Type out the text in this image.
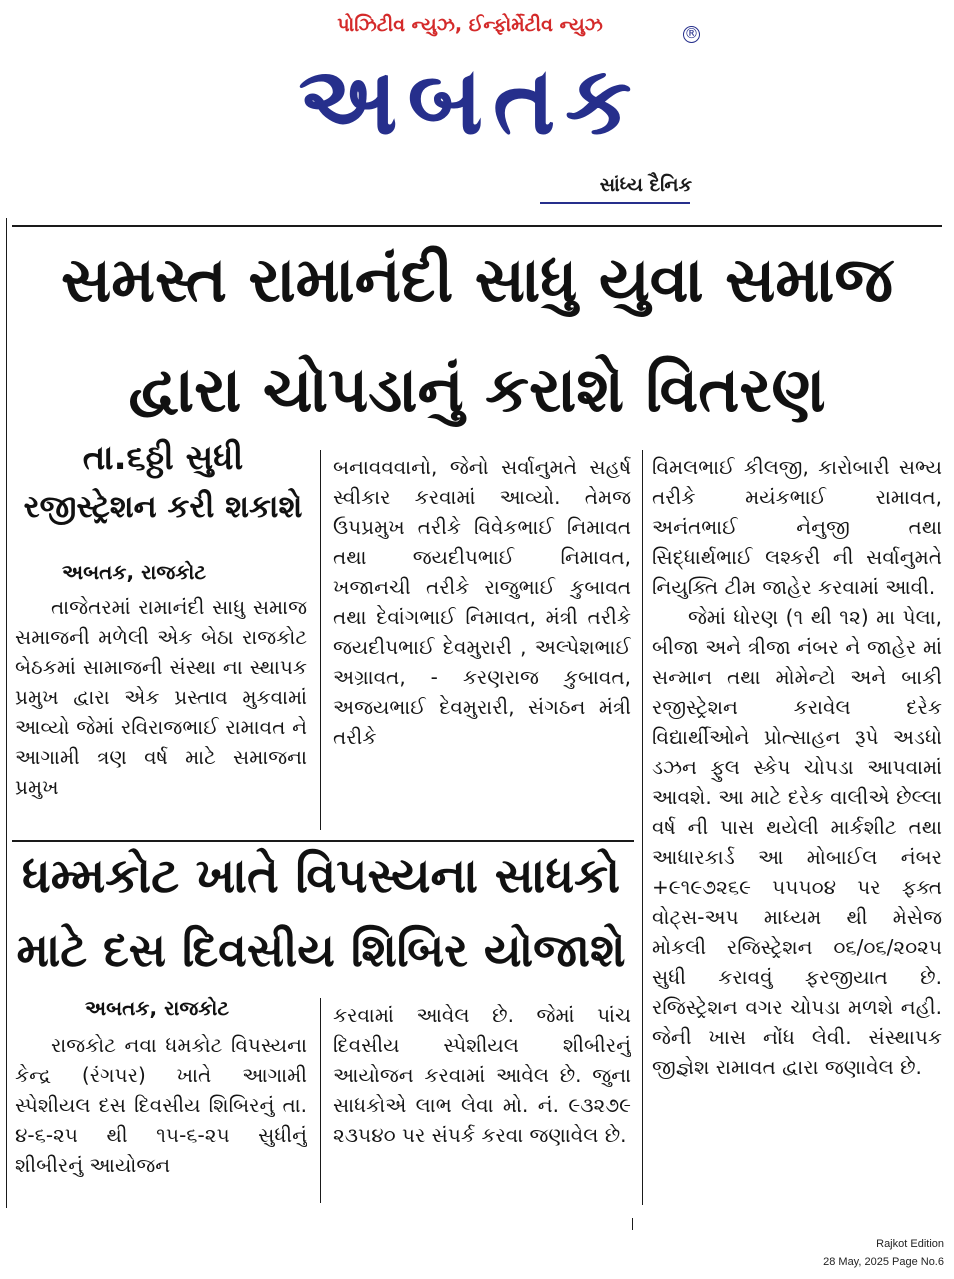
પોઝિટીવ ન્યુઝ, ઈન્ફોર્મેટીવ ન્યુઝ
અબતક
®
સાંધ્ય દૈનિક
સમસ્ત રામાનંદી સાધુ યુવા સમાજ
દ્વારા ચોપડાનું કરાશે વિતરણ
તા.૬ઠ્ઠી સુધી
રજીસ્ટ્રેશન કરી શકાશે
અબતક, રાજકોટ
તાજેતરમાં રામાનંદી સાધુ સમાજ સમાજની મળેલી એક બેઠા રાજકોટ બેઠકમાં સામાજની સંસ્થા ના સ્થાપક પ્રમુખ દ્વારા એક પ્રસ્તાવ મુકવામાં આવ્યો જેમાં રવિરાજભાઈ રામાવત ને આગામી ત્રણ વર્ષ માટે સમાજના પ્રમુખ
બનાવવવાનો, જેનો સર્વાનુમતે સહર્ષ સ્વીકાર કરવામાં આવ્યો. તેમજ ઉપપ્રમુખ તરીકે વિવેકભાઈ નિમાવત તથા જયદીપભાઈ નિમાવત, ખજાનચી તરીકે રાજુભાઈ કુબાવત તથા દેવાંગભાઈ નિમાવત, મંત્રી તરીકે જયદીપભાઈ દેવમુરારી , અલ્પેશભાઈ અગ્રાવત, - કરણરાજ કુબાવત, અજયભાઈ દેવમુરારી, સંગઠન મંત્રી તરીકે

વિમલભાઈ કીલજી, કારોબારી સભ્ય તરીકે મયંકભાઈ રામાવત, અનંતભાઈ નેનુજી તથા સિદ્ધાર્થભાઈ લશ્કરી ની સર્વાનુમતે નિયુક્તિ ટીમ જાહેર કરવામાં આવી.

જેમાં ધોરણ (૧ થી ૧૨) મા પેલા, બીજા અને ત્રીજા નંબર ને જાહેર માં સન્માન તથા મોમેન્ટો અને બાકી રજીસ્ટ્રેશન કરાવેલ દરેક વિદ્યાર્થીઓને પ્રોત્સાહન રૂપે અડધો ડઝન ફુલ સ્કેપ ચોપડા આપવામાં આવશે. આ માટે દરેક વાલીએ છેલ્લા વર્ષ ની પાસ થયેલી માર્કશીટ તથા આધારકાર્ડ આ મોબાઈલ નંબર +૯૧૯૭૨૬૯ ૫૫૫૦૪ પર ફક્ત વોટ્સ-અપ માધ્યમ થી મેસેજ મોકલી રજિસ્ટ્રેશન ૦૬/૦૬/૨૦૨૫ સુધી કરાવવું ફરજીયાત છે. રજિસ્ટ્રેશન વગર ચોપડા મળશે નહી. જેની ખાસ નોંધ લેવી. સંસ્થાપક જીજ્ઞેશ રામાવત દ્વારા જણાવેલ છે.

ધમ્મકોટ ખાતે વિપસ્યના સાધકો
માટે દસ દિવસીય શિબિર યોજાશે
અબતક, રાજકોટ
રાજકોટ નવા ધમકોટ વિપસ્યના કેન્દ્ર (રંગપર) ખાતે આગામી સ્પેશીયલ દસ દિવસીય શિબિરનું તા. ૪-૬-૨૫ થી ૧૫-૬-૨૫ સુધીનું શીબીરનું આયોજન
કરવામાં આવેલ છે. જેમાં પાંચ દિવસીય સ્પેશીયલ શીબીરનું આયોજન કરવામાં આવેલ છે. જુના સાધકોએ લાભ લેવા મો. નં. ૯૩૨૭૯ ૨૩૫૪૦ પર સંપર્ક કરવા જણાવેલ છે.
Rajkot Edition
28 May, 2025 Page No.6
